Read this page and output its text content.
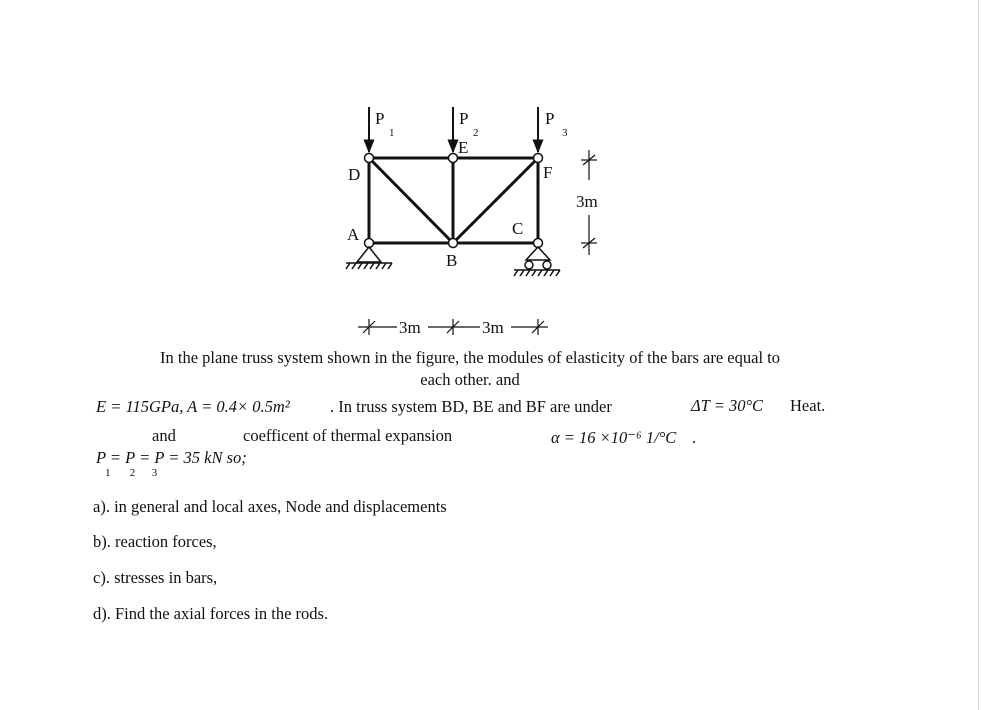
P
1
P
2
P
3
D
E
F
A
B
C
3m
3m	3m
In the plane truss system shown in the figure, the modules of elasticity of the bars are equal to
each other. and
E = 115GPa, A = 0.4× 0.5m² . In truss system BD, BE and BF are under	ΔT = 30°C Heat.
and	coefficent of thermal expansion	α = 16 ×10⁻⁶ 1/°C .
P = P = P = 35 kN so;
1       2      3
a). in general and local axes, Node and displacements
b). reaction forces,
c). stresses in bars,
d). Find the axial forces in the rods.
